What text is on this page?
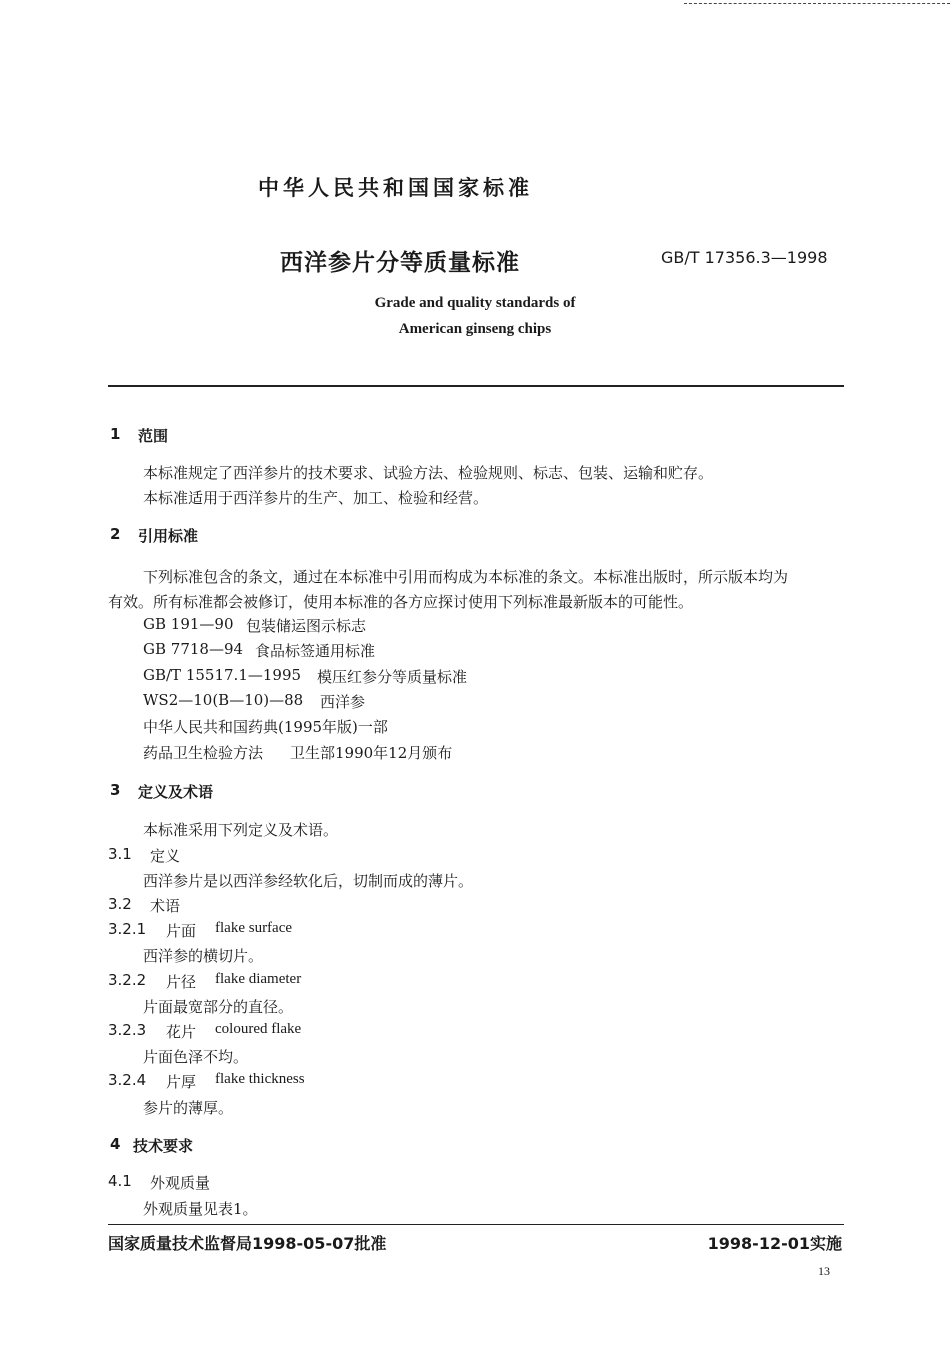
中华人民共和国国家标准
西洋参片分等质量标准	GB/T 17356.3—1998
Grade and quality standards of
American ginseng chips
1 范围
本标准规定了西洋参片的技术要求、试验方法、检验规则、标志、包装、运输和贮存。
本标准适用于西洋参片的生产、加工、检验和经营。
2 引用标准
下列标准包含的条文，通过在本标准中引用而构成为本标准的条文。本标准出版时，所示版本均为
有效。所有标准都会被修订，使用本标准的各方应探讨使用下列标准最新版本的可能性。
GB 191—90 包装储运图示标志
GB 7718—94 食品标签通用标准
GB/T 15517.1—1995 模压红参分等质量标准
WS2—10(B—10)—88 西洋参
中华人民共和国药典(1995年版)一部
药品卫生检验方法 卫生部1990年12月颁布
3 定义及术语
本标准采用下列定义及术语。
3.1 定义
西洋参片是以西洋参经软化后，切制而成的薄片。
3.2 术语
3.2.1 片面 flake surface
西洋参的横切片。
3.2.2 片径 flake diameter
片面最宽部分的直径。
3.2.3 花片 coloured flake
片面色泽不均。
3.2.4 片厚 flake thickness
参片的薄厚。
4 技术要求
4.1 外观质量
外观质量见表1。
国家质量技术监督局1998-05-07批准	1998-12-01实施
13
